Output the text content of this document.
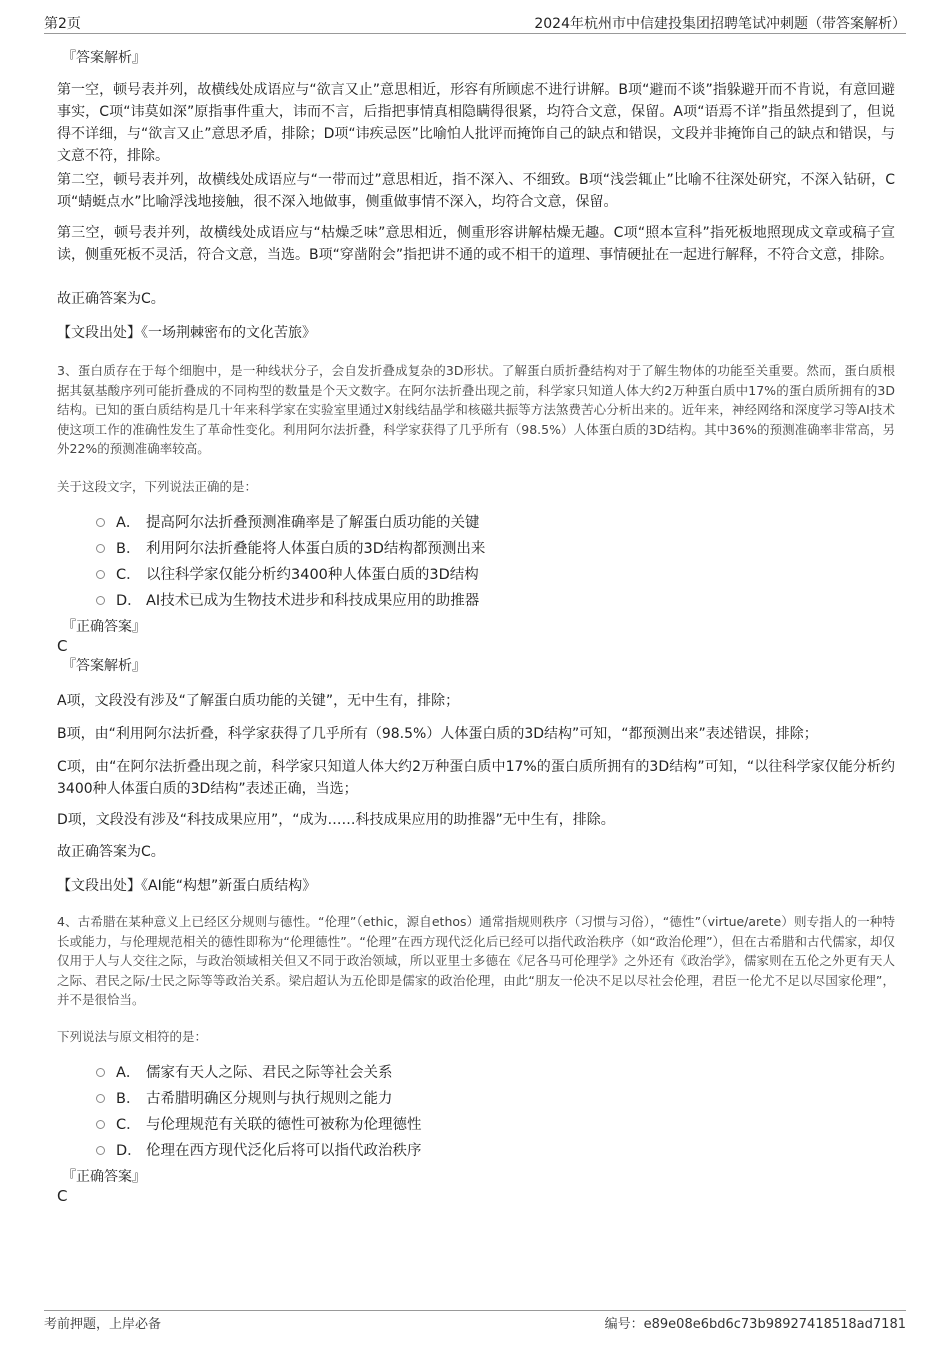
第2页	2024年杭州市中信建投集团招聘笔试冲刺题（带答案解析）
『答案解析』

第一空，顿号表并列，故横线处成语应与“欲言又止”意思相近，形容有所顾虑不进行讲解。B项“避而不谈”指躲避开而不肯说，有意回避事实，C项“讳莫如深”原指事件重大，讳而不言，后指把事情真相隐瞒得很紧，均符合文意，保留。A项“语焉不详”指虽然提到了，但说得不详细，与“欲言又止”意思矛盾，排除；D项“讳疾忌医”比喻怕人批评而掩饰自己的缺点和错误，文段并非掩饰自己的缺点和错误，与文意不符，排除。

第二空，顿号表并列，故横线处成语应与“一带而过”意思相近，指不深入、不细致。B项“浅尝辄止”比喻不往深处研究，不深入钻研，C项“蜻蜓点水”比喻浮浅地接触，很不深入地做事，侧重做事情不深入，均符合文意，保留。

第三空，顿号表并列，故横线处成语应与“枯燥乏味”意思相近，侧重形容讲解枯燥无趣。C项“照本宣科”指死板地照现成文章或稿子宣读，侧重死板不灵活，符合文意，当选。B项“穿凿附会”指把讲不通的或不相干的道理、事情硬扯在一起进行解释，不符合文意，排除。

故正确答案为C。
【文段出处】《一场荆棘密布的文化苦旅》

3、蛋白质存在于每个细胞中，是一种线状分子，会自发折叠成复杂的3D形状。了解蛋白质折叠结构对于了解生物体的功能至关重要。然而，蛋白质根据其氨基酸序列可能折叠成的不同构型的数量是个天文数字。在阿尔法折叠出现之前，科学家只知道人体大约2万种蛋白质中17%的蛋白质所拥有的3D结构。已知的蛋白质结构是几十年来科学家在实验室里通过X射线结晶学和核磁共振等方法煞费苦心分析出来的。近年来，神经网络和深度学习等AI技术使这项工作的准确性发生了革命性变化。利用阿尔法折叠，科学家获得了几乎所有（98.5%）人体蛋白质的3D结构。其中36%的预测准确率非常高，另外22%的预测准确率较高。

关于这段文字，下列说法正确的是：
A． 提高阿尔法折叠预测准确率是了解蛋白质功能的关键
B． 利用阿尔法折叠能将人体蛋白质的3D结构都预测出来
C． 以往科学家仅能分析约3400种人体蛋白质的3D结构
D． AI技术已成为生物技术进步和科技成果应用的助推器
『正确答案』
C
『答案解析』

A项，文段没有涉及“了解蛋白质功能的关键”，无中生有，排除；

B项，由“利用阿尔法折叠，科学家获得了几乎所有（98.5%）人体蛋白质的3D结构”可知，“都预测出来”表述错误，排除；

C项，由“在阿尔法折叠出现之前，科学家只知道人体大约2万种蛋白质中17%的蛋白质所拥有的3D结构”可知，“以往科学家仅能分析约3400种人体蛋白质的3D结构”表述正确，当选；

D项，文段没有涉及“科技成果应用”，“成为……科技成果应用的助推器”无中生有，排除。

故正确答案为C。
【文段出处】《AI能“构想”新蛋白质结构》

4、古希腊在某种意义上已经区分规则与德性。“伦理”（ethic，源自ethos）通常指规则秩序（习惯与习俗），“德性”（virtue/arete）则专指人的一种特长或能力，与伦理规范相关的德性即称为“伦理德性”。“伦理”在西方现代泛化后已经可以指代政治秩序（如“政治伦理”），但在古希腊和古代儒家，却仅仅用于人与人交往之际，与政治领域相关但又不同于政治领域，所以亚里士多德在《尼各马可伦理学》之外还有《政治学》，儒家则在五伦之外更有天人之际、君民之际/士民之际等等政治关系。梁启超认为五伦即是儒家的政治伦理，由此“朋友一伦决不足以尽社会伦理，君臣一伦尤不足以尽国家伦理”，并不是很恰当。

下列说法与原文相符的是：
A． 儒家有天人之际、君民之际等社会关系
B． 古希腊明确区分规则与执行规则之能力
C． 与伦理规范有关联的德性可被称为伦理德性
D． 伦理在西方现代泛化后将可以指代政治秩序
『正确答案』
C
考前押题，上岸必备	编号：e89e08e6bd6c73b98927418518ad7181
